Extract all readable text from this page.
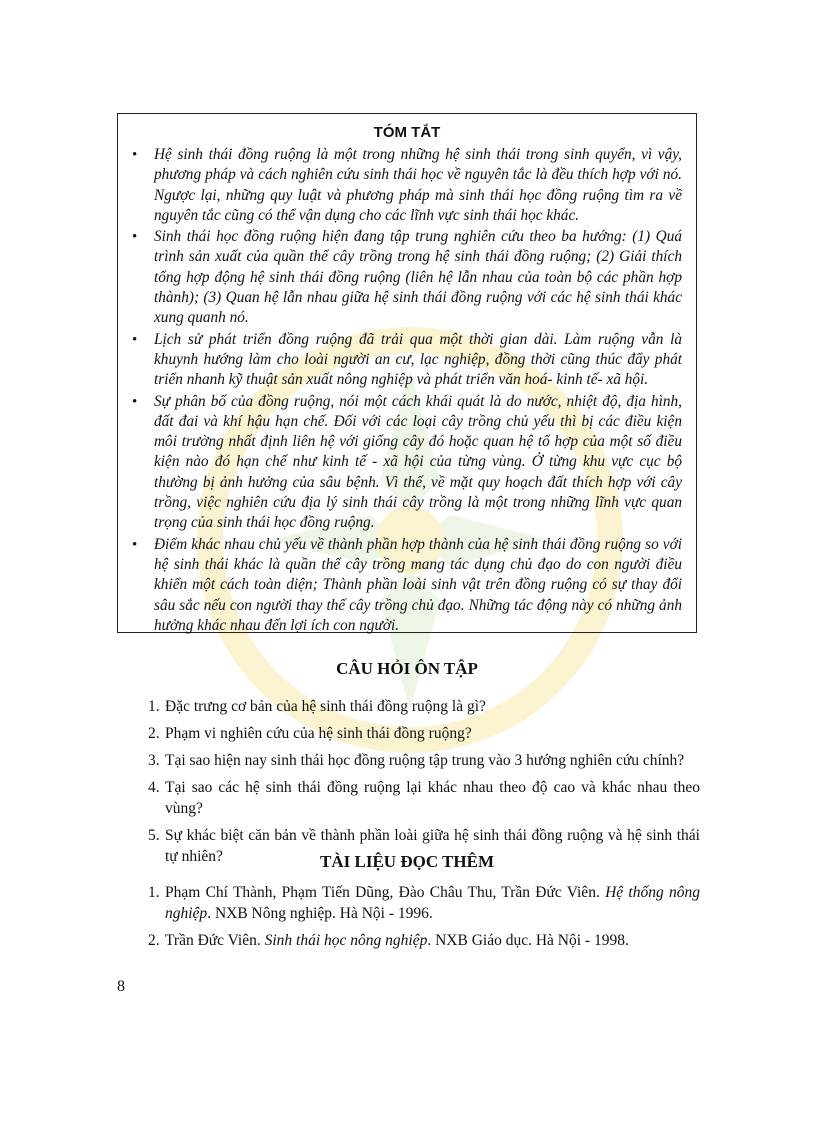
TÓM TẮT
• Hệ sinh thái đồng ruộng là một trong những hệ sinh thái trong sinh quyển, vì vậy, phương pháp và cách nghiên cứu sinh thái học về nguyên tắc là đều thích hợp với nó. Ngược lại, những quy luật và phương pháp mà sinh thái học đồng ruộng tìm ra về nguyên tắc cũng có thể vận dụng cho các lĩnh vực sinh thái học khác.
• Sinh thái học đồng ruộng hiện đang tập trung nghiên cứu theo ba hướng: (1) Quá trình sản xuất của quần thể cây trồng trong hệ sinh thái đồng ruộng; (2) Giải thích tổng hợp động hệ sinh thái đồng ruộng (liên hệ lẫn nhau của toàn bộ các phần hợp thành); (3) Quan hệ lẫn nhau giữa hệ sinh thái đồng ruộng với các hệ sinh thái khác xung quanh nó.
• Lịch sử phát triển đồng ruộng đã trải qua một thời gian dài. Làm ruộng vẫn là khuynh hướng làm cho loài người an cư, lạc nghiệp, đồng thời cũng thúc đẩy phát triển nhanh kỹ thuật sản xuất nông nghiệp và phát triển văn hoá- kinh tế- xã hội.
• Sự phân bố của đồng ruộng, nói một cách khái quát là do nước, nhiệt độ, địa hình, đất đai và khí hậu hạn chế. Đối với các loại cây trồng chủ yếu thì bị các điều kiện môi trường nhất định liên hệ với giống cây đó hoặc quan hệ tổ hợp của một số điều kiện nào đó hạn chế như kinh tế - xã hội của từng vùng. Ở từng khu vực cục bộ thường bị ảnh hưởng của sâu bệnh. Vì thế, về mặt quy hoạch đất thích hợp với cây trồng, việc nghiên cứu địa lý sinh thái cây trồng là một trong những lĩnh vực quan trọng của sinh thái học đồng ruộng.
• Điểm khác nhau chủ yếu về thành phần hợp thành của hệ sinh thái đồng ruộng so với hệ sinh thái khác là quần thể cây trồng mang tác dụng chủ đạo do con người điều khiển một cách toàn diện; Thành phần loài sinh vật trên đồng ruộng có sự thay đổi sâu sắc nếu con người thay thế cây trồng chủ đạo. Những tác động này có những ảnh hưởng khác nhau đến lợi ích con người.
CÂU HỎI ÔN TẬP
1. Đặc trưng cơ bản của hệ sinh thái đồng ruộng là gì?
2. Phạm vi nghiên cứu của hệ sinh thái đồng ruộng?
3. Tại sao hiện nay sinh thái học đồng ruộng tập trung vào 3 hướng nghiên cứu chính?
4. Tại sao các hệ sinh thái đồng ruộng lại khác nhau theo độ cao và khác nhau theo vùng?
5. Sự khác biệt căn bản về thành phần loài giữa hệ sinh thái đồng ruộng và hệ sinh thái tự nhiên?	TÀI LIỆU ĐỌC THÊM
1. Phạm Chí Thành, Phạm Tiến Dũng, Đào Châu Thu, Trần Đức Viên. Hệ thống nông nghiệp. NXB Nông nghiệp. Hà Nội - 1996.
2. Trần Đức Viên. Sinh thái học nông nghiệp. NXB Giáo dục. Hà Nội - 1998.

8
